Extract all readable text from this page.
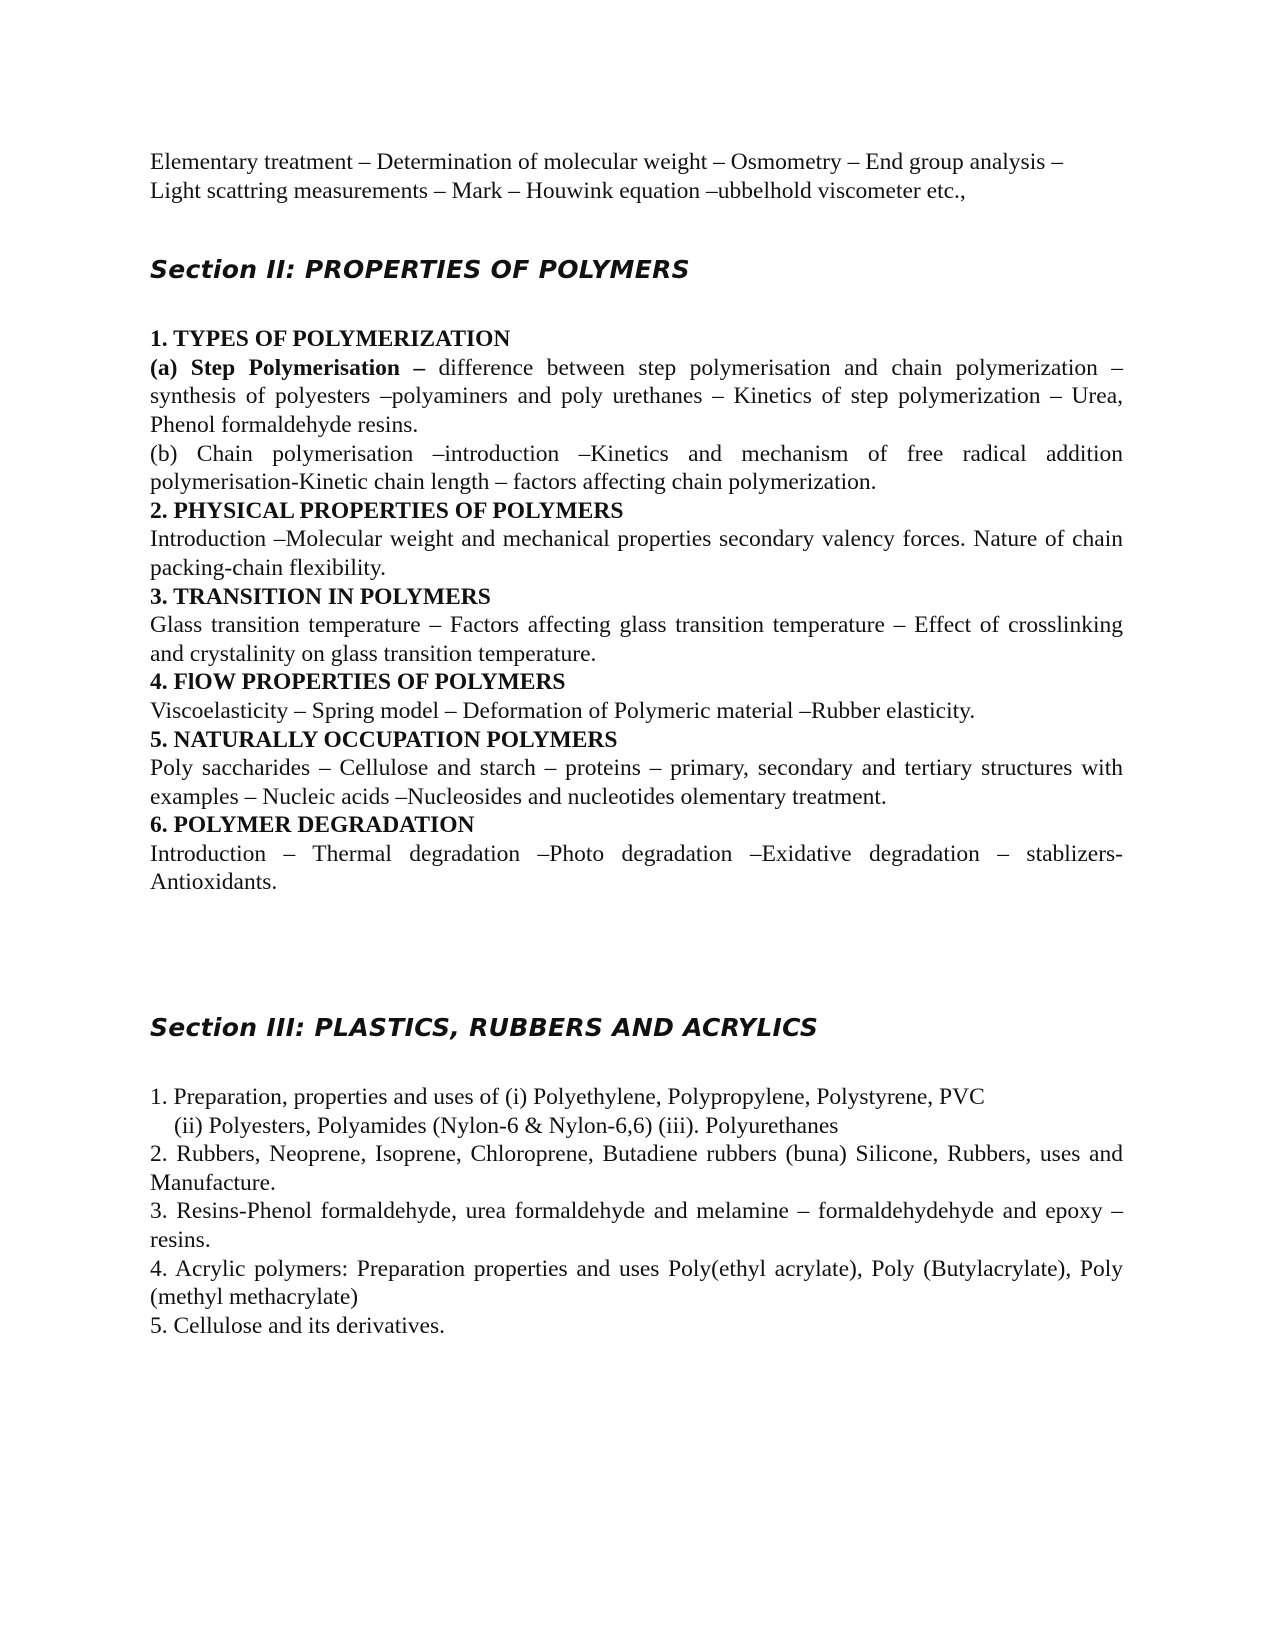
Elementary treatment – Determination of molecular weight – Osmometry – End group analysis –

Light scattring measurements – Mark – Houwink equation –ubbelhold viscometer etc.,

Section II: PROPERTIES OF POLYMERS

1. TYPES OF POLYMERIZATION

(a) Step Polymerisation – difference between step polymerisation and chain polymerization – synthesis of polyesters –polyaminers and poly urethanes – Kinetics of step polymerization – Urea, Phenol formaldehyde resins.

(b) Chain polymerisation –introduction –Kinetics and mechanism of free radical addition polymerisation-Kinetic chain length – factors affecting chain polymerization.

2. PHYSICAL PROPERTIES OF POLYMERS

Introduction –Molecular weight and mechanical properties secondary valency forces. Nature of chain packing-chain flexibility.

3. TRANSITION IN POLYMERS

Glass transition temperature – Factors affecting glass transition temperature – Effect of crosslinking and crystalinity on glass transition temperature.

4. FlOW PROPERTIES OF POLYMERS

Viscoelasticity – Spring model – Deformation of Polymeric material –Rubber elasticity.

5. NATURALLY OCCUPATION POLYMERS

Poly saccharides – Cellulose and starch – proteins – primary, secondary and tertiary structures with examples – Nucleic acids –Nucleosides and nucleotides olementary treatment.

6. POLYMER DEGRADATION

Introduction – Thermal degradation –Photo degradation –Exidative degradation – stablizers-Antioxidants.

Section III: PLASTICS, RUBBERS AND ACRYLICS

1. Preparation, properties and uses of (i) Polyethylene, Polypropylene, Polystyrene, PVC

(ii) Polyesters, Polyamides (Nylon-6 & Nylon-6,6) (iii). Polyurethanes

2. Rubbers, Neoprene, Isoprene, Chloroprene, Butadiene rubbers (buna) Silicone, Rubbers, uses and Manufacture.

3. Resins-Phenol formaldehyde, urea formaldehyde and melamine – formaldehydehyde and epoxy –resins.

4. Acrylic polymers: Preparation properties and uses Poly(ethyl acrylate), Poly (Butylacrylate), Poly (methyl methacrylate)

5. Cellulose and its derivatives.
